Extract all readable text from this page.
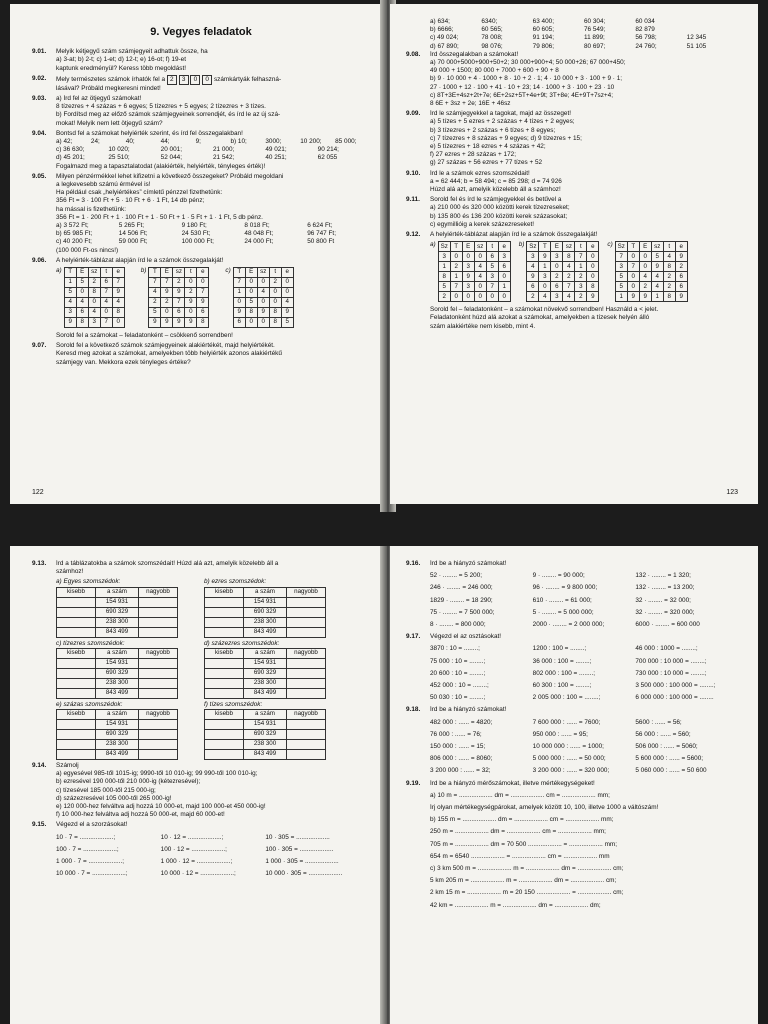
9. Vegyes feladatok
9.01. Melyik kétjegyű szám számjegyeit adhattuk össze, ha
a) 3-at; b) 2-t; c) 1-et; d) 12-t; e) 16-ot; f) 19-et
kaptunk eredményül? Keress több megoldást!
9.02. Mely természetes számok írhatók fel a 2 3 0 0 számkártyák felhaszná-
lásával? Próbáld megkeresni mindet!
9.03. a) Írd fel az ötjegyű számokat!
8 tízezres + 4 százas + 6 egyes; 5 tízezres + 5 egyes; 2 tízezres + 3 tízes.
b) Fordítsd meg az előző számok számjegyeinek sorrendjét, és írd le az új szá-
mokat! Melyik nem lett ötjegyű szám?
9.04. Bontsd fel a számokat helyiérték szerint, és írd fel összegalakban!
a) 42;	24;	40;	44;	9;	b) 10;	3000;	10 200;	85 000;
c) 36 630;	10 020;	20 001;	21 000;	49 021;	90 214;
d) 45 201;	25 510;	52 044;	21 542;	40 251;	62 055
Fogalmazd meg a tapasztalatodat (alakiérték, helyiérték, tényleges érték)!
9.05. Milyen pénzérmékkel lehet kifizetni a következő összegeket? Próbáld megoldani
a legkevesebb számú érmével is!
Ha például csak „helyiértékes” címletű pénzzel fizethetünk:
356 Ft = 3 · 100 Ft + 5 · 10 Ft + 6 · 1 Ft, 14 db pénz;
ha mással is fizethetünk:
356 Ft = 1 · 200 Ft + 1 · 100 Ft + 1 · 50 Ft + 1 · 5 Ft + 1 · 1 Ft, 5 db pénz.
a) 3 572 Ft;	5 265 Ft;	9 180 Ft;	8 018 Ft;	6 624 Ft;
b) 65 985 Ft;	14 506 Ft;	24 530 Ft;	48 048 Ft;	96 747 Ft;
c) 40 200 Ft;	59 000 Ft;	100 000 Ft;	24 000 Ft;	50 800 Ft
(100 000 Ft-os nincs!)
9.06. A helyiérték-táblázat alapján írd le a számok összegalakját!
a) T	E	sz	t	e
1	5	2	6	7
5	0	8	7	9
4	4	0	4	4
3	6	4	0	8
9	8	3	7	0
b) T	E	sz	t	e
7	7	2	0	0
4	9	9	2	7
2	2	7	9	9
5	0	6	0	6
9	9	9	9	8
c) T	E	sz	t	e
7	0	0	2	0
1	0	4	0	0
0	5	0	0	4
9	8	9	8	9
6	0	0	8	5
Sorold fel a számokat – feladatonként – csökkenő sorrendben!
9.07. Sorold fel a következő számok számjegyeinek alakiértékét, majd helyiértékét.
Keresd meg azokat a számokat, amelyekben több helyiérték azonos alakiértékű
számjegy van. Mekkora ezek tényleges értéke?
122
a) 634;	6340;	63 400;	60 304;	60 034
b) 6666;	60 565;	60 605;	76 549;	82 879
c) 49 024;	78 008;	91 194;	11 899;	56 798;	12 345
d) 67 890;	98 076;	79 806;	80 697;	24 760;	51 105
9.08. Írd összegalakban a számokat!
a) 70 000+5000+900+50+2; 30 000+900+4; 50 000+26; 67 000+450;
49 000 + 1500; 80 000 + 7000 + 600 + 90 + 8
b) 9 · 10 000 + 4 · 1000 + 8 · 10 + 2 · 1; 4 · 10 000 + 3 · 100 + 9 · 1;
27 · 1000 + 12 · 100 + 41 · 10 + 23; 14 · 1000 + 3 · 100 + 23 · 10
c) 8T+3E+4sz+2t+7e; 6E+2sz+5T+4e+9t; 3T+8e; 4E+9T+7sz+4;
8 6E + 3sz + 2e; 16E + 46sz
9.09. Írd le számjegyekkel a tagokat, majd az összeget!
a) 5 tízes + 5 ezres + 2 százas + 4 tízes + 2 egyes;
b) 3 tízezres + 2 százas + 6 tízes + 8 egyes;
c) 7 tízezres + 8 százas + 9 egyes; d) 9 tízezres + 15;
e) 5 tízezres + 18 ezres + 4 százas + 42;
f) 27 ezres + 28 százas + 172;
g) 27 százas + 56 ezres + 77 tízes + 52
9.10. Írd le a számok ezres szomszédait!
a = 62 444; b = 58 494; c = 85 298; d = 74 926
Húzd alá azt, amelyik közelebb áll a számhoz!
9.11. Sorold fel és írd le számjegyekkel és betűvel a
a) 210 000 és 320 000 közötti kerek tízezreseket;
b) 135 800 és 136 200 közötti kerek százasokat;
c) egymillióig a kerek százezreseket!
9.12. A helyiérték-táblázat alapján írd le a számok összegalakját!
a) Sz	T	E	sz	t	e
3	0	0	0	6	3
1	2	3	4	5	6
8	1	9	4	3	0
5	7	3	0	7	1
2	0	0	0	0	0
b) Sz	T	E	sz	t	e
3	9	3	8	7	0
4	1	0	4	1	0
9	3	2	2	2	0
6	0	6	7	3	8
2	4	3	4	2	9
c) Sz	T	E	sz	t	e
7	0	0	5	4	9
3	7	0	9	8	2
5	0	4	4	2	6
5	0	2	4	2	6
1	9	9	1	8	9
Sorold fel – feladatonként – a számokat növekvő sorrendben! Használd a < jelet.
Feladatonként húzd alá azokat a számokat, amelyekben a tízesek helyén álló
szám alakiértéke nem kisebb, mint 4.
123
9.13. Írd a táblázatokba a számok szomszédait! Húzd alá azt, amelyik közelebb áll a
számhoz!
a) Egyes szomszédok:
kisebb	a szám	nagyobb
	154 931	
	690 329	
	238 300	
	843 499	
b) ezres szomszédok:
kisebb	a szám	nagyobb
	154 931	
	690 329	
	238 300	
	843 499	
c) tízezres szomszédok:
kisebb	a szám	nagyobb
	154 931	
	690 329	
	238 300	
	843 499	
d) százezres szomszédok:
kisebb	a szám	nagyobb
	154 931	
	690 329	
	238 300	
	843 499	
e) százas szomszédok:
kisebb	a szám	nagyobb
	154 931	
	690 329	
	238 300	
	843 499	
f) tízes szomszédok:
kisebb	a szám	nagyobb
	154 931	
	690 329	
	238 300	
	843 499	
9.14. Számolj
a) egyesével 985-től 1015-ig; 9990-től 10 010-ig; 99 990-től 100 010-ig;
b) ezresével 190 000-től 210 000-ig (kétezresével);
c) tízesével 185 000-től 215 000-ig;
d) százezresével 105 000-től 265 000-ig!
e) 120 000-hez felváltva adj hozzá 10 000-et, majd 100 000-et 450 000-ig!
f) 10 000-hez felváltva adj hozzá 50 000-et, majd 60 000-et!
9.15. Végezd el a szorzásokat!
10 · 7 = ...................;	10 · 12 = ...................;	10 · 305 = ...................
100 · 7 = ...................;	100 · 12 = ...................;	100 · 305 = ...................
1 000 · 7 = ...................;	1 000 · 12 = ...................;	1 000 · 305 = ...................
10 000 · 7 = ...................;	10 000 · 12 = ...................;	10 000 · 305 = ...................
9.16. Írd be a hiányzó számokat!
52 · ........ = 5 200;	9 · ........ = 90 000;	132 · ........ = 1 320;
246 · ........ = 246 000;	96 · ........ = 9 800 000;	132 · ........ = 13 200;
1829 · ........ = 18 290;	610 · ........ = 61 000;	32 · ........ = 32 000;
75 · ........ = 7 500 000;	5 · ........ = 5 000 000;	32 · ........ = 320 000;
8 · ........ = 800 000;	2000 · ........ = 2 000 000;	6000 · ........ = 600 000
9.17. Végezd el az osztásokat!
3870 : 10 = ........;	1200 : 100 = ........;	46 000 : 1000 = ........;
75 000 : 10 = ........;	36 000 : 100 = ........;	700 000 : 10 000 = ........;
20 600 : 10 = ........;	802 000 : 100 = ........;	730 000 : 10 000 = ........;
452 000 : 10 = ........;	60 300 : 100 = ........;	3 500 000 : 100 000 = ........;
50 030 : 10 = ........;	2 005 000 : 100 = ........;	6 000 000 : 100 000 = ........
9.18. Írd be a hiányzó számokat!
482 000 : ...... = 4820;	7 600 000 : ...... = 7600;	5600 : ...... = 56;
76 000 : ...... = 76;	950 000 : ...... = 95;	56 000 : ...... = 560;
150 000 : ...... = 15;	10 000 000 : ...... = 1000;	506 000 : ...... = 5060;
806 000 : ...... = 8060;	5 000 000 : ...... = 50 000;	5 600 000 : ...... = 5600;
3 200 000 : ...... = 32;	3 200 000 : ...... = 320 000;	5 060 000 : ...... = 50 600
9.19. Írd be a hiányzó mérőszámokat, illetve mértékegységeket!
a) 10 m = ................... dm = ................... cm = ................... mm;
Írj olyan mértékegységpárokat, amelyek között 10, 100, illetve 1000 a váltószám!
b) 155 m = ................... dm = ................... cm = ................... mm;
250 m = ................... dm = ................... cm = ................... mm;
705 m = ................... dm = 70 500 ................... = ................... mm;
654 m = 6540 ................... = ................... cm = ................... mm
c) 3 km 500 m = ................... m = ................... dm = ................... cm;
5 km 205 m = ................... m = ................... dm = ................... cm;
2 km 15 m = ................... m = 20 150 ................... = ................... cm;
42 km = ................... m = ................... dm = ................... dm;
